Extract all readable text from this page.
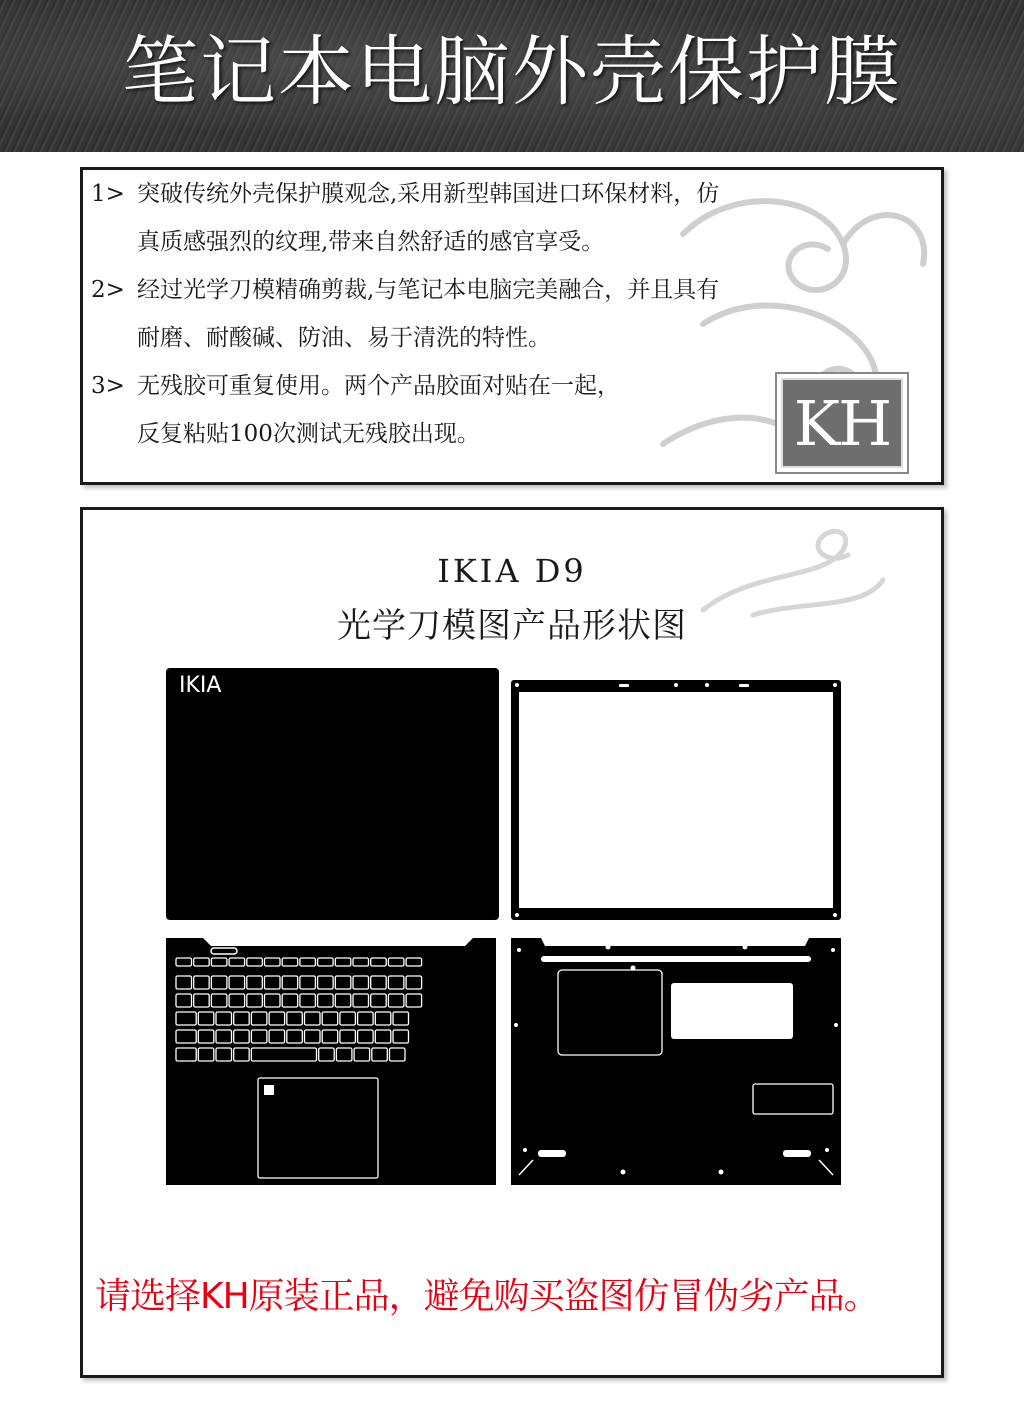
笔记本电脑外壳保护膜
1> 突破传统外壳保护膜观念,采用新型韩国进口环保材料，仿
真质感强烈的纹理,带来自然舒适的感官享受。
2> 经过光学刀模精确剪裁,与笔记本电脑完美融合，并且具有
耐磨、耐酸碱、防油、易于清洗的特性。
3> 无残胶可重复使用。两个产品胶面对贴在一起，
反复粘贴100次测试无残胶出现。	KH
IKIA D9
光学刀模图产品形状图
IKIA
请选择KH原装正品，避免购买盗图仿冒伪劣产品。
